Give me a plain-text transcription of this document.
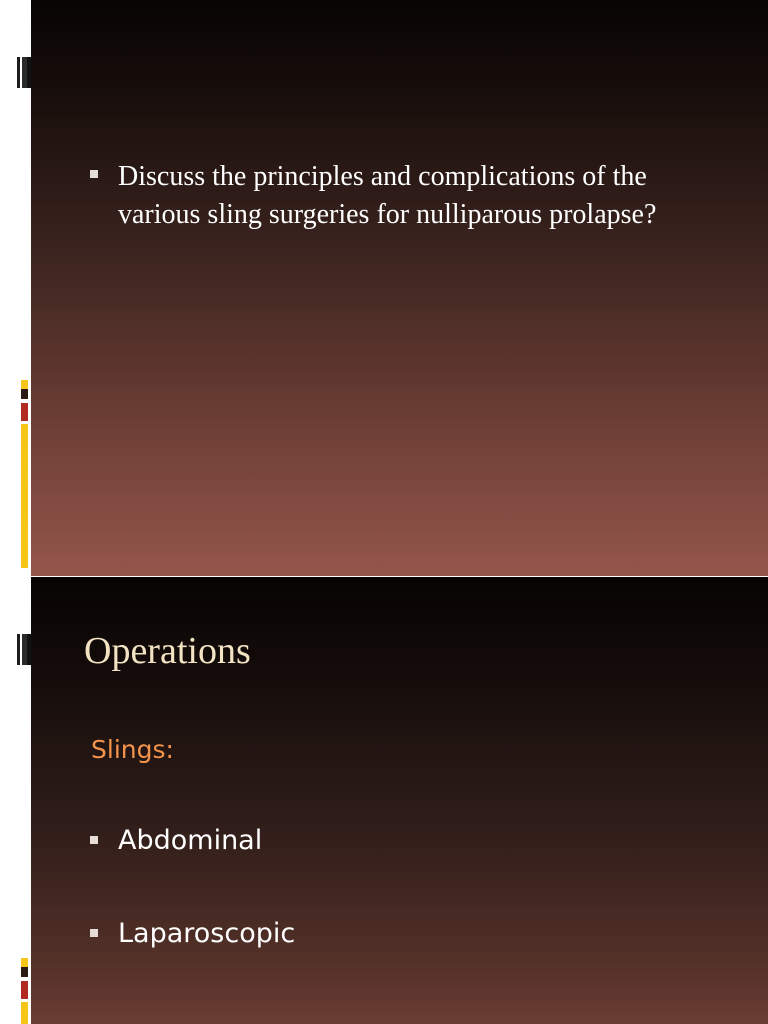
Discuss the principles and complications of the various sling surgeries for nulliparous prolapse?
Operations
Slings:
Abdominal
Laparoscopic
